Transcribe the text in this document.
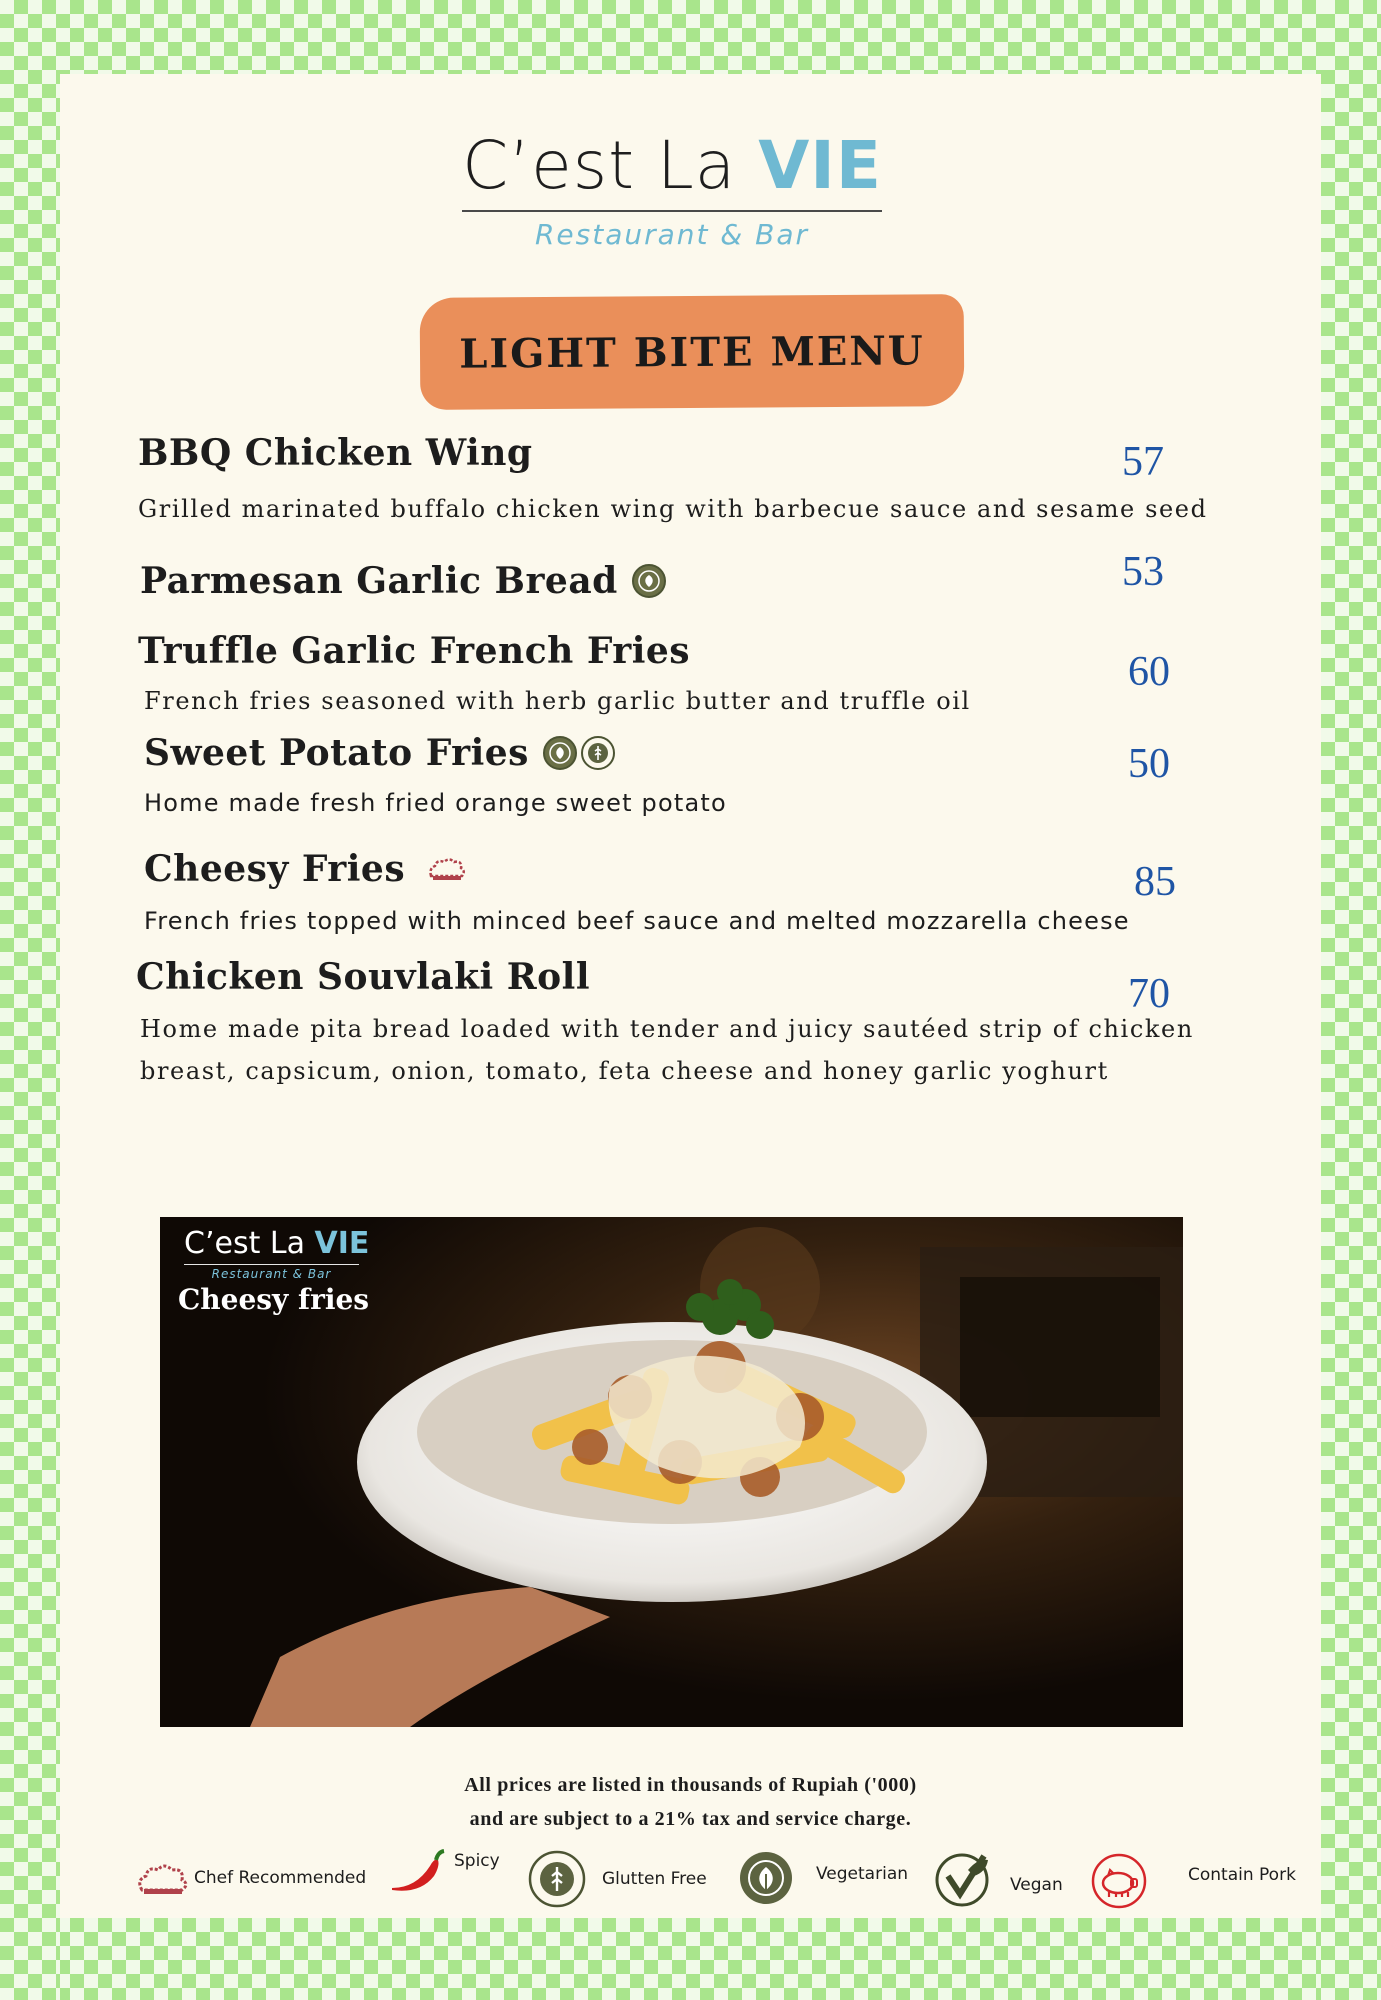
C’est La VIE
Restaurant & Bar
LIGHT BITE MENU
BBQ Chicken Wing	57
Grilled marinated buffalo chicken wing with barbecue sauce and sesame seed
Parmesan Garlic Bread	53
Truffle Garlic French Fries	60
French fries seasoned with herb garlic butter and truffle oil
Sweet Potato Fries	50
Home made fresh fried orange sweet potato
Cheesy Fries	85
French fries topped with minced beef sauce and melted mozzarella cheese
Chicken Souvlaki Roll	70
Home made pita bread loaded with tender and juicy sautéed strip of chicken
breast, capsicum, onion, tomato, feta cheese and honey garlic yoghurt
C’est La VIE
Restaurant & Bar
Cheesy fries
All prices are listed in thousands of Rupiah ('000)
and are subject to a 21% tax and service charge.
Chef Recommended
Spicy
Glutten Free	Vegetarian
Vegan	Contain Pork
